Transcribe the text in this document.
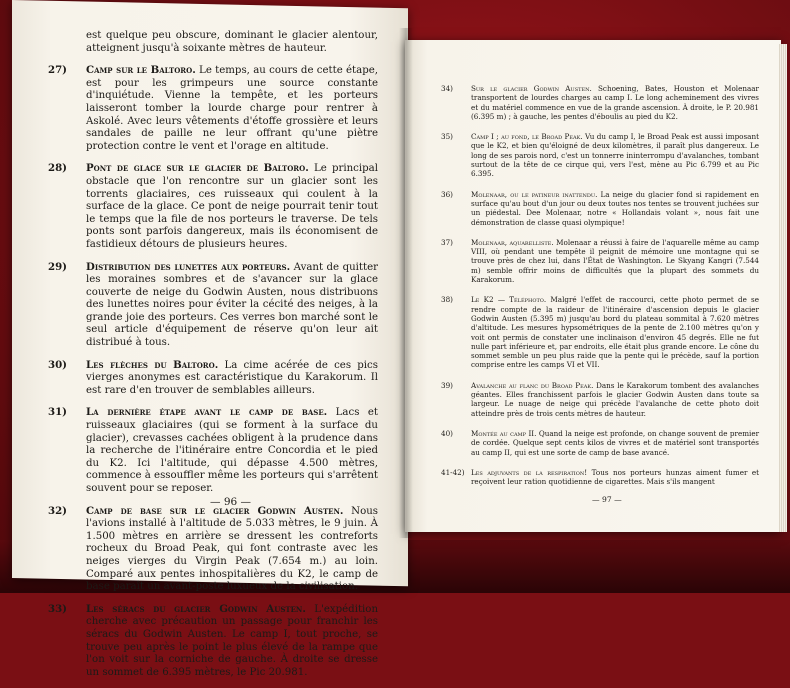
est quelque peu obscure, dominant le glacier alentour, atteignent jusqu'à soixante mètres de hauteur.
27)	Camp sur le Baltoro. Le temps, au cours de cette étape, est pour les grimpeurs une source constante d'inquiétude. Vienne la tempête, et les porteurs laisseront tomber la lourde charge pour rentrer à Askolé. Avec leurs vêtements d'étoffe grossière et leurs sandales de paille ne leur offrant qu'une piètre protection contre le vent et l'orage en altitude.
28)	Pont de glace sur le glacier de Baltoro. Le principal obstacle que l'on rencontre sur un glacier sont les torrents glaciaires, ces ruisseaux qui coulent à la surface de la glace. Ce pont de neige pourrait tenir tout le temps que la file de nos porteurs le traverse. De tels ponts sont parfois dangereux, mais ils économisent de fastidieux détours de plusieurs heures.
29)	Distribution des lunettes aux porteurs. Avant de quitter les moraines sombres et de s'avancer sur la glace couverte de neige du Godwin Austen, nous distribuons des lunettes noires pour éviter la cécité des neiges, à la grande joie des porteurs. Ces verres bon marché sont le seul article d'équipement de réserve qu'on leur ait distribué à tous.
30)	Les flèches du Baltoro. La cime acérée de ces pics vierges anonymes est caractéristique du Karakorum. Il est rare d'en trouver de semblables ailleurs.
31)	La dernière étape avant le camp de base. Lacs et ruisseaux glaciaires (qui se forment à la surface du glacier), crevasses cachées obligent à la prudence dans la recherche de l'itinéraire entre Concordia et le pied du K2. Ici l'altitude, qui dépasse 4.500 mètres, commence à essouffler même les porteurs qui s'arrêtent souvent pour se reposer.
32)	Camp de base sur le glacier Godwin Austen. Nous l'avions installé à l'altitude de 5.033 mètres, le 9 juin. À 1.500 mètres en arrière se dressent les contreforts rocheux du Broad Peak, qui font contraste avec les neiges vierges du Virgin Peak (7.654 m.) au loin. Comparé aux pentes inhospitalières du K2, le camp de base paraît un avant-poste luxueux de la civilisation.
33)	Les séracs du glacier Godwin Austen. L'expédition cherche avec précaution un passage pour franchir les séracs du Godwin Austen. Le camp I, tout proche, se trouve peu après le point le plus élevé de la rampe que l'on voit sur la corniche de gauche. À droite se dresse un sommet de 6.395 mètres, le Pic 20.981.
— 96 —
34)	Sur le glacier Godwin Austen. Schoening, Bates, Houston et Molenaar transportent de lourdes charges au camp I. Le long acheminement des vivres et du matériel commence en vue de la grande ascension. À droite, le P. 20.981 (6.395 m) ; à gauche, les pentes d'éboulis au pied du K2.
35)	Camp I ; au fond, le Broad Peak. Vu du camp I, le Broad Peak est aussi imposant que le K2, et bien qu'éloigné de deux kilomètres, il paraît plus dangereux. Le long de ses parois nord, c'est un tonnerre ininterrompu d'avalanches, tombant surtout de la tête de ce cirque qui, vers l'est, mène au Pic 6.799 et au Pic 6.395.
36)	Molenaar, ou le patineur inattendu. La neige du glacier fond si rapidement en surface qu'au bout d'un jour ou deux toutes nos tentes se trouvent juchées sur un piédestal. Dee Molenaar, notre « Hollandais volant », nous fait une démonstration de classe quasi olympique!
37)	Molenaar, aquarelliste. Molenaar a réussi à faire de l'aquarelle même au camp VIII, où pendant une tempête il peignit de mémoire une montagne qui se trouve près de chez lui, dans l'État de Washington. Le Skyang Kangri (7.544 m) semble offrir moins de difficultés que la plupart des sommets du Karakorum.
38)	Le K2 — Téléphoto. Malgré l'effet de raccourci, cette photo permet de se rendre compte de la raideur de l'itinéraire d'ascension depuis le glacier Godwin Austen (5.395 m) jusqu'au bord du plateau sommital à 7.620 mètres d'altitude. Les mesures hypsométriques de la pente de 2.100 mètres qu'on y voit ont permis de constater une inclinaison d'environ 45 degrés. Elle ne fut nulle part inférieure et, par endroits, elle était plus grande encore. Le cône du sommet semble un peu plus raide que la pente qui le précède, sauf la portion comprise entre les camps VI et VII.
39)	Avalanche au flanc du Broad Peak. Dans le Karakorum tombent des avalanches géantes. Elles franchissent parfois le glacier Godwin Austen dans toute sa largeur. Le nuage de neige qui précède l'avalanche de cette photo doit atteindre près de trois cents mètres de hauteur.
40)	Montée au camp II. Quand la neige est profonde, on change souvent de premier de cordée. Quelque sept cents kilos de vivres et de matériel sont transportés au camp II, qui est une sorte de camp de base avancé.
41-42) Les adjuvants de la respiration! Tous nos porteurs hunzas aiment fumer et reçoivent leur ration quotidienne de cigarettes. Mais s'ils mangent
— 97 —
